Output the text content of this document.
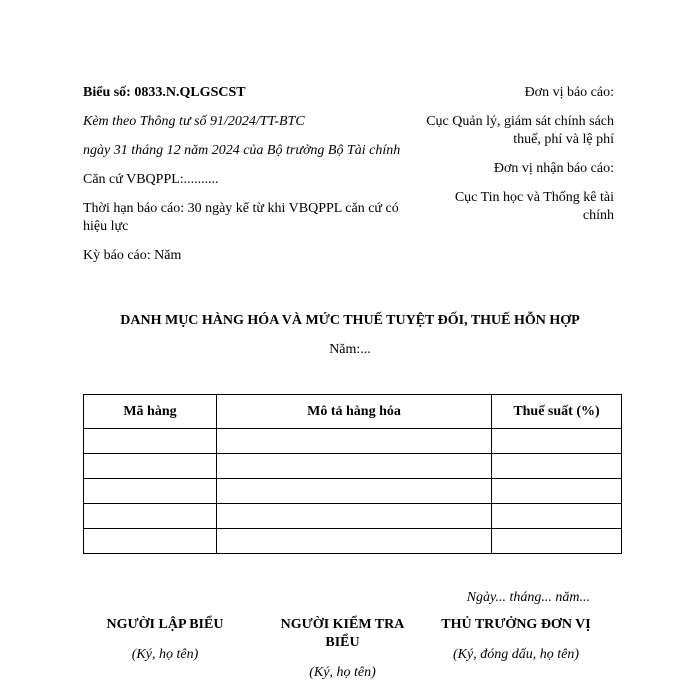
Biểu số: 0833.N.QLGSCST

Kèm theo Thông tư số 91/2024/TT-BTC

ngày 31 tháng 12 năm 2024 của Bộ trưởng Bộ Tài chính

Căn cứ VBQPPL:..........

Thời hạn báo cáo: 30 ngày kể từ khi VBQPPL căn cứ có hiệu lực

Kỳ báo cáo: Năm

Đơn vị báo cáo:

Cục Quản lý, giám sát chính sách thuế, phí và lệ phí

Đơn vị nhận báo cáo:

Cục Tin học và Thống kê tài chính

DANH MỤC HÀNG HÓA VÀ MỨC THUẾ TUYỆT ĐỐI, THUẾ HỖN HỢP
Năm:...
Mã hàng	Mô tả hàng hóa	Thuế suất (%)

Ngày... tháng... năm...
NGƯỜI LẬP BIỂU
(Ký, họ tên)
NGƯỜI KIỂM TRA BIỂU
(Ký, họ tên)
THỦ TRƯỞNG ĐƠN VỊ
(Ký, đóng dấu, họ tên)
